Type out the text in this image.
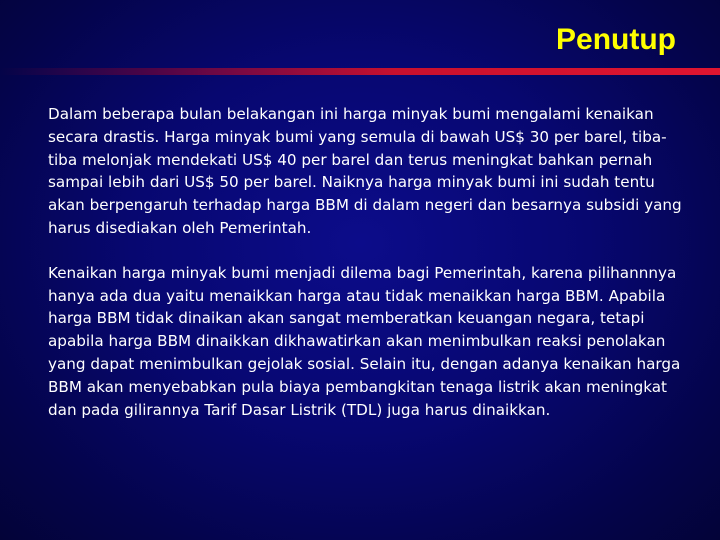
Penutup

Dalam beberapa bulan belakangan ini harga minyak bumi mengalami kenaikan secara drastis. Harga minyak bumi yang semula di bawah US$ 30 per barel, tiba-tiba melonjak mendekati US$ 40 per barel dan terus meningkat bahkan pernah sampai lebih dari US$ 50 per barel. Naiknya harga minyak bumi ini sudah tentu akan berpengaruh terhadap harga BBM di dalam negeri dan besarnya subsidi yang harus disediakan oleh Pemerintah.

Kenaikan harga minyak bumi menjadi dilema bagi Pemerintah, karena pilihannnya hanya ada dua yaitu menaikkan harga atau tidak menaikkan harga BBM. Apabila harga BBM tidak dinaikan akan sangat memberatkan keuangan negara, tetapi apabila harga BBM dinaikkan dikhawatirkan akan menimbulkan reaksi penolakan yang dapat menimbulkan gejolak sosial. Selain itu, dengan adanya kenaikan harga BBM akan menyebabkan pula biaya pembangkitan tenaga listrik akan meningkat dan pada gilirannya Tarif Dasar Listrik (TDL) juga harus dinaikkan.
